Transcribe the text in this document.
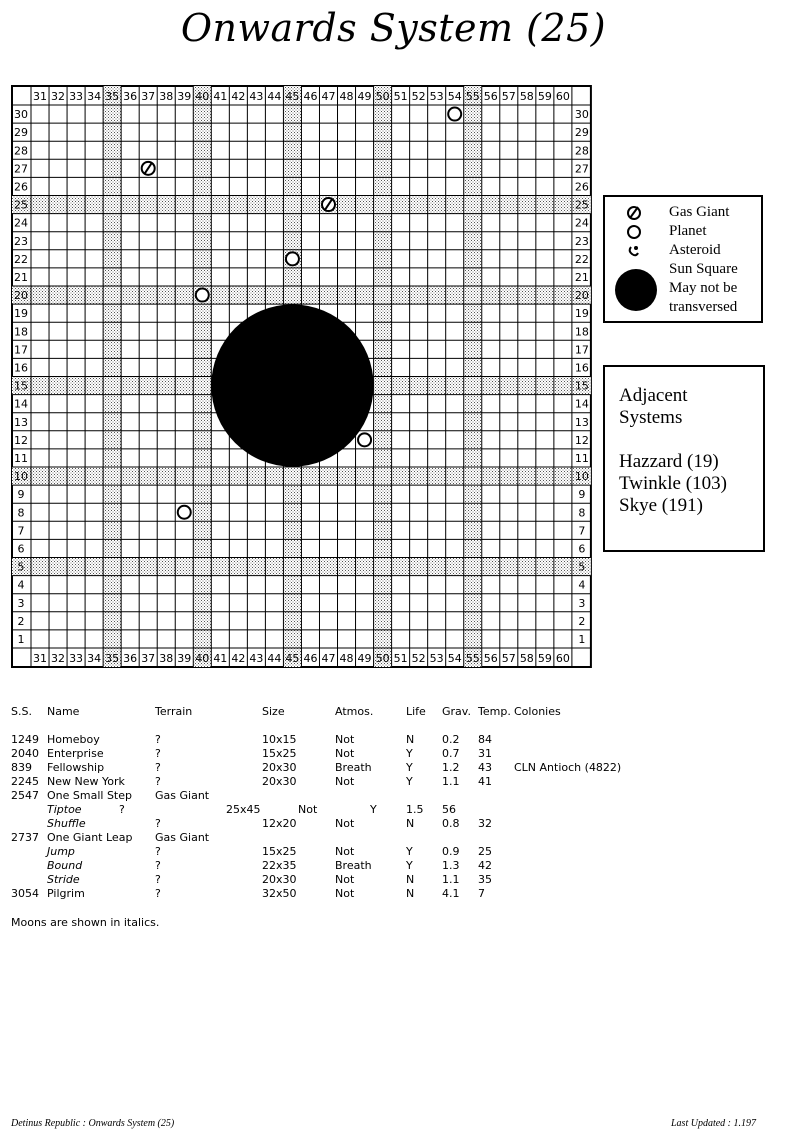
Onwards System (25)
31
31
32
32
33
33
34
34
35
35
36
36
37
37
38
38
39
39
40
40
41
41
42
42
43
43
44
44
45
45
46
46
47
47
48
48
49
49
50
50
51
51
52
52
53
53
54
54
55
55
56
56
57
57
58
58
59
59
60
60
30	30
29	29
28	28
27	27
26	26
25	25
24	24
23	23
22	22
21	21
20	20
19	19
18	18
17	17
16	16
15	15
14	14
13	13
12	12
11	11
10	10
9	9
8	8
7	7
6	6
5	5
4	4
3	3
2	2
1	1
Gas Giant
Planet
Asteroid
Sun Square
May not be
transversed
Adjacent
Systems
Hazzard (19)
Twinkle (103)
Skye (191)
S.S. Name	Terrain	Size	Atmos.	Life Grav. Temp. Colonies
1249 Homeboy	?	10x15	Not	N	0.2 84
2040 Enterprise	?	15x25	Not	Y	0.7 31
839 Fellowship	?	20x30	Breath	Y	1.2 43 CLN Antioch (4822)
2245 New New York	?	20x30	Not	Y	1.1 41
2547 One Small Step Gas Giant
Tiptoe	?	25x45	Not	Y	1.5 56
Shuffle	?	12x20	Not	N	0.8 32
2737 One Giant Leap Gas Giant
Jump	?	15x25	Not	Y	0.9 25
Bound	?	22x35	Breath	Y	1.3 42
Stride	?	20x30	Not	N	1.1 35
3054 Pilgrim	?	32x50	Not	N	4.1 7
Moons are shown in italics.
Detinus Republic : Onwards System (25)	Last Updated : 1.197
